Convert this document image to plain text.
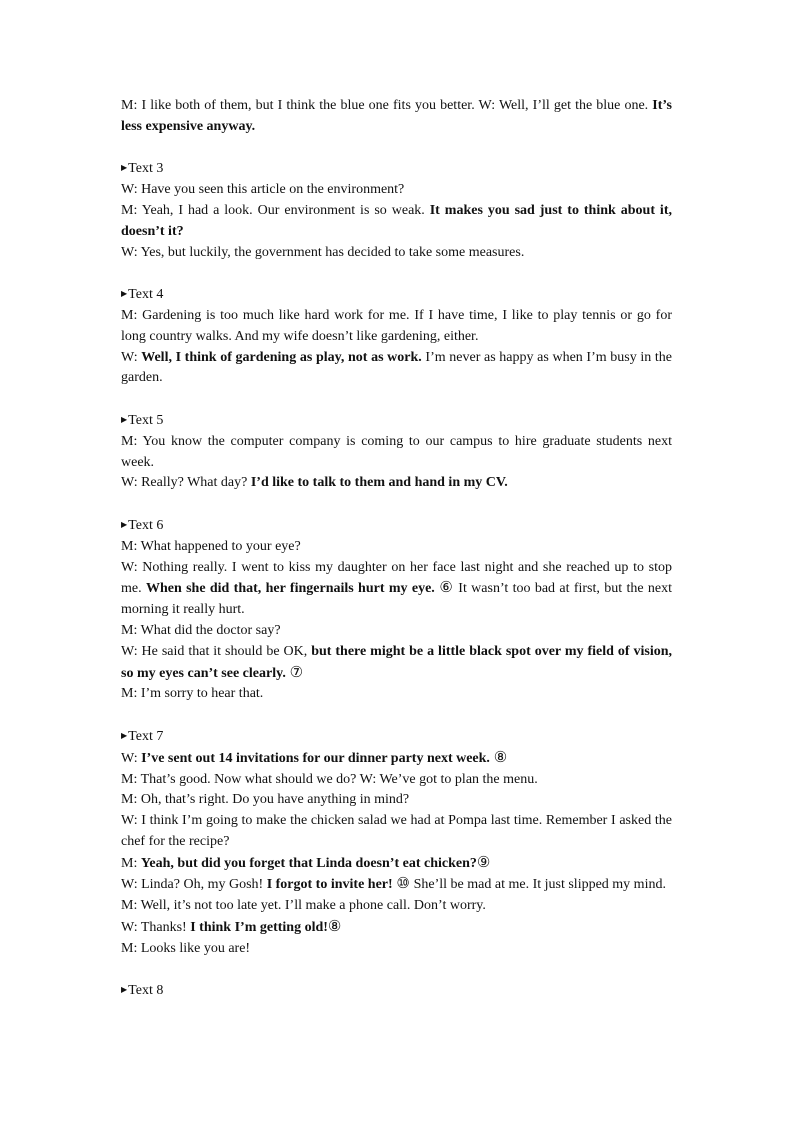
M: I like both of them, but I think the blue one fits you better. W: Well, I’ll get the blue one. It’s less expensive anyway.

▶Text 3

W: Have you seen this article on the environment?

M: Yeah, I had a look. Our environment is so weak. It makes you sad just to think about it, doesn’t it?

W: Yes, but luckily, the government has decided to take some measures.

▶Text 4

M: Gardening is too much like hard work for me. If I have time, I like to play tennis or go for long country walks. And my wife doesn’t like gardening, either.

W: Well, I think of gardening as play, not as work. I’m never as happy as when I’m busy in the garden.

▶Text 5

M: You know the computer company is coming to our campus to hire graduate students next week.

W: Really? What day? I’d like to talk to them and hand in my CV.

▶Text 6

M: What happened to your eye?

W: Nothing really. I went to kiss my daughter on her face last night and she reached up to stop me. When she did that, her fingernails hurt my eye. ⑥ It wasn’t too bad at first, but the next morning it really hurt.

M: What did the doctor say?

W: He said that it should be OK, but there might be a little black spot over my field of vision, so my eyes can’t see clearly. ⑦

M: I’m sorry to hear that.

▶Text 7

W: I’ve sent out 14 invitations for our dinner party next week. ⑧

M: That’s good. Now what should we do? W: We’ve got to plan the menu.

M: Oh, that’s right. Do you have anything in mind?

W: I think I’m going to make the chicken salad we had at Pompa last time. Remember I asked the chef for the recipe?

M: Yeah, but did you forget that Linda doesn’t eat chicken?⑨

W: Linda? Oh, my Gosh! I forgot to invite her! ⑩ She’ll be mad at me. It just slipped my mind.

M: Well, it’s not too late yet. I’ll make a phone call. Don’t worry.

W: Thanks! I think I’m getting old!⑧

M: Looks like you are!

▶Text 8
